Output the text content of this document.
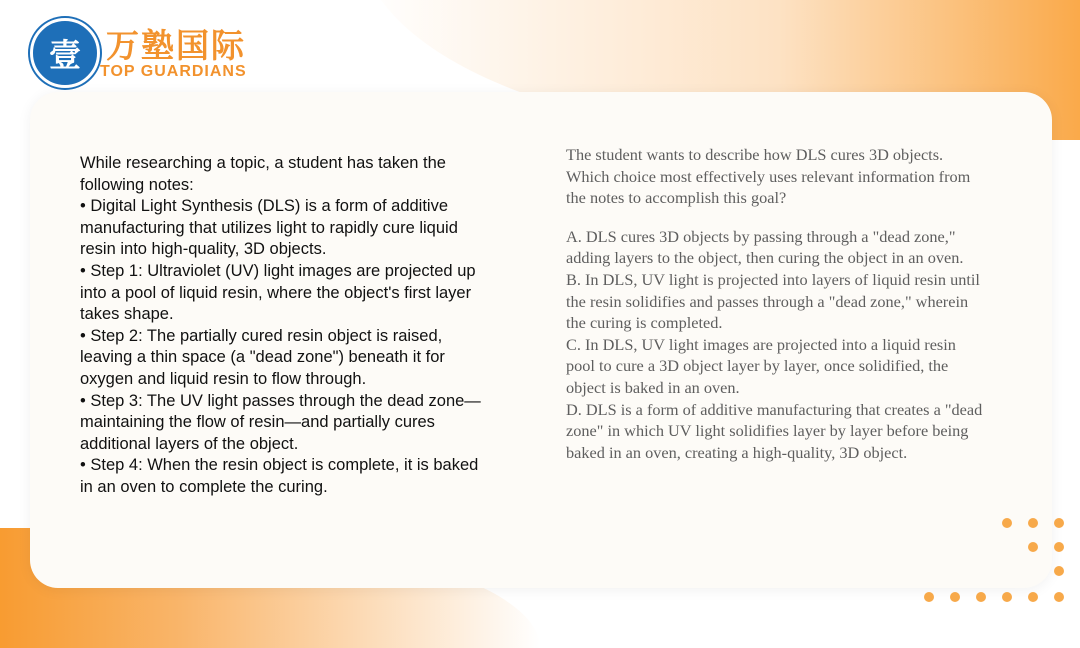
壹 万塾国际
TOP GUARDIANS

While researching a topic, a student has taken the following notes:

• Digital Light Synthesis (DLS) is a form of additive manufacturing that utilizes light to rapidly cure liquid resin into high-quality, 3D objects.

• Step 1: Ultraviolet (UV) light images are projected up into a pool of liquid resin, where the object's first layer takes shape.

• Step 2: The partially cured resin object is raised, leaving a thin space (a "dead zone") beneath it for oxygen and liquid resin to flow through.

• Step 3: The UV light passes through the dead zone—maintaining the flow of resin—and partially cures additional layers of the object.

• Step 4: When the resin object is complete, it is baked in an oven to complete the curing.

The student wants to describe how DLS cures 3D objects. Which choice most effectively uses relevant information from the notes to accomplish this goal?

A. DLS cures 3D objects by passing through a "dead zone," adding layers to the object, then curing the object in an oven.

B. In DLS, UV light is projected into layers of liquid resin until the resin solidifies and passes through a "dead zone," wherein the curing is completed.

C. In DLS, UV light images are projected into a liquid resin pool to cure a 3D object layer by layer, once solidified, the object is baked in an oven.

D. DLS is a form of additive manufacturing that creates a "dead zone" in which UV light solidifies layer by layer before being baked in an oven, creating a high-quality, 3D object.
